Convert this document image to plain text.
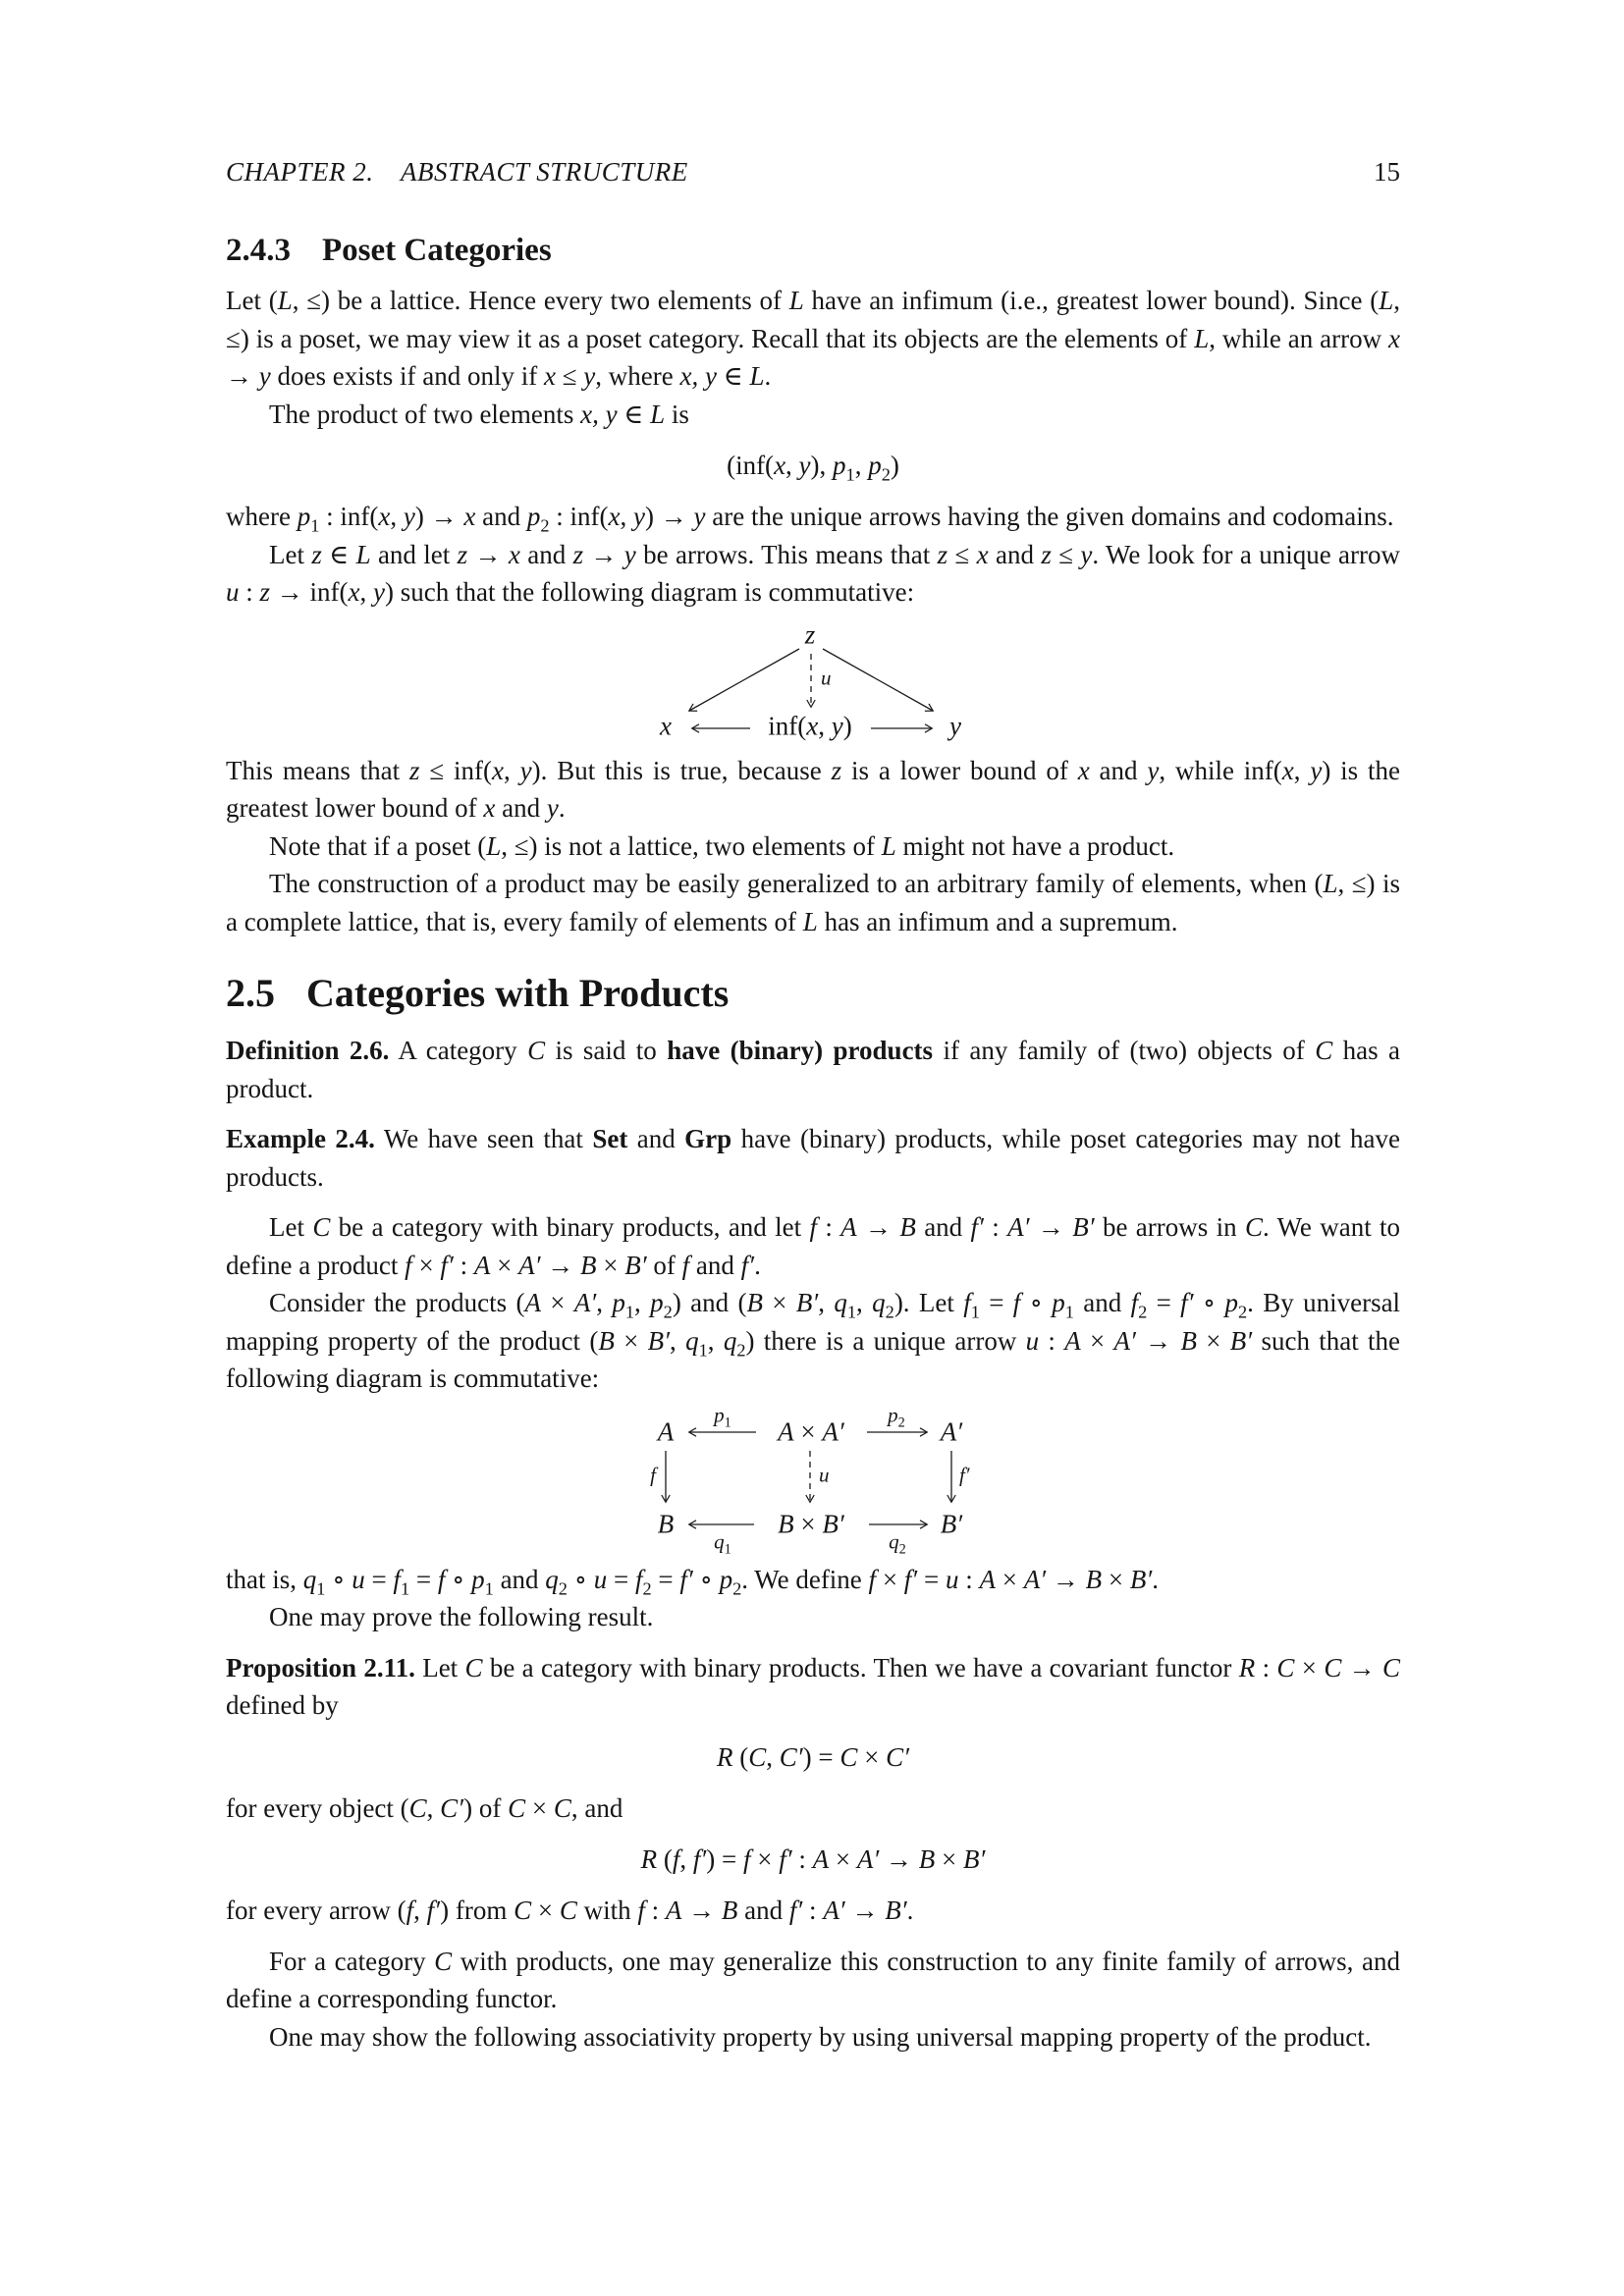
CHAPTER 2. ABSTRACT STRUCTURE	15
2.4.3 Poset Categories

Let (L, ≤) be a lattice. Hence every two elements of L have an infimum (i.e., greatest lower bound). Since (L, ≤) is a poset, we may view it as a poset category. Recall that its objects are the elements of L, while an arrow x → y does exists if and only if x ≤ y, where x, y ∈ L.

The product of two elements x, y ∈ L is

(inf(x, y), $p_1$, $p_2$)

where $p_1$ : inf(x, y) → x and $p_2$ : inf(x, y) → y are the unique arrows having the given domains and codomains.

Let z ∈ L and let z → x and z → y be arrows. This means that z ≤ x and z ≤ y. We look for a unique arrow u : z → inf(x, y) such that the following diagram is commutative:

z
u
x	inf(x, y)	y

This means that z ≤ inf(x, y). But this is true, because z is a lower bound of x and y, while inf(x, y) is the greatest lower bound of x and y.

Note that if a poset (L, ≤) is not a lattice, two elements of L might not have a product.

The construction of a product may be easily generalized to an arbitrary family of elements, when (L, ≤) is a complete lattice, that is, every family of elements of L has an infimum and a supremum.

2.5 Categories with Products

Definition 2.6. A category C is said to have (binary) products if any family of (two) objects of C has a product.

Example 2.4. We have seen that Set and Grp have (binary) products, while poset categories may not have products.

Let C be a category with binary products, and let f : A → B and f′ : A′ → B′ be arrows in C. We want to define a product f × f′ : A × A′ → B × B′ of f and f′.

Consider the products (A × A′, $p_1$, $p_2$) and (B × B′, $q_1$, $q_2$). Let $f_1 = f$ ∘ $p_1$ and $f_2 = f'$ ∘ $p_2$. By universal mapping property of the product (B × B′, $q_1$, $q_2$) there is a unique arrow u : A × A′ → B × B′ such that the following diagram is commutative:

A	A × A′	A′
B	B × B′	B′
$p_1$	$p_2$
$q_1$	$q_2$
f	u	f′

that is, $q_1$ ∘ $u = f_1 = f$ ∘ $p_1$ and $q_2$ ∘ $u = f_2 = f'$ ∘ $p_2$. We define f × f′ = u : A × A′ → B × B′.

One may prove the following result.

Proposition 2.11. Let C be a category with binary products. Then we have a covariant functor R : C × C → C defined by

R (C, C′) = C × C′

for every object (C, C′) of C × C, and

R (f, f′) = f × f′ : A × A′ → B × B′

for every arrow (f, f′) from C × C with f : A → B and f′ : A′ → B′.

For a category C with products, one may generalize this construction to any finite family of arrows, and define a corresponding functor.

One may show the following associativity property by using universal mapping property of the product.
